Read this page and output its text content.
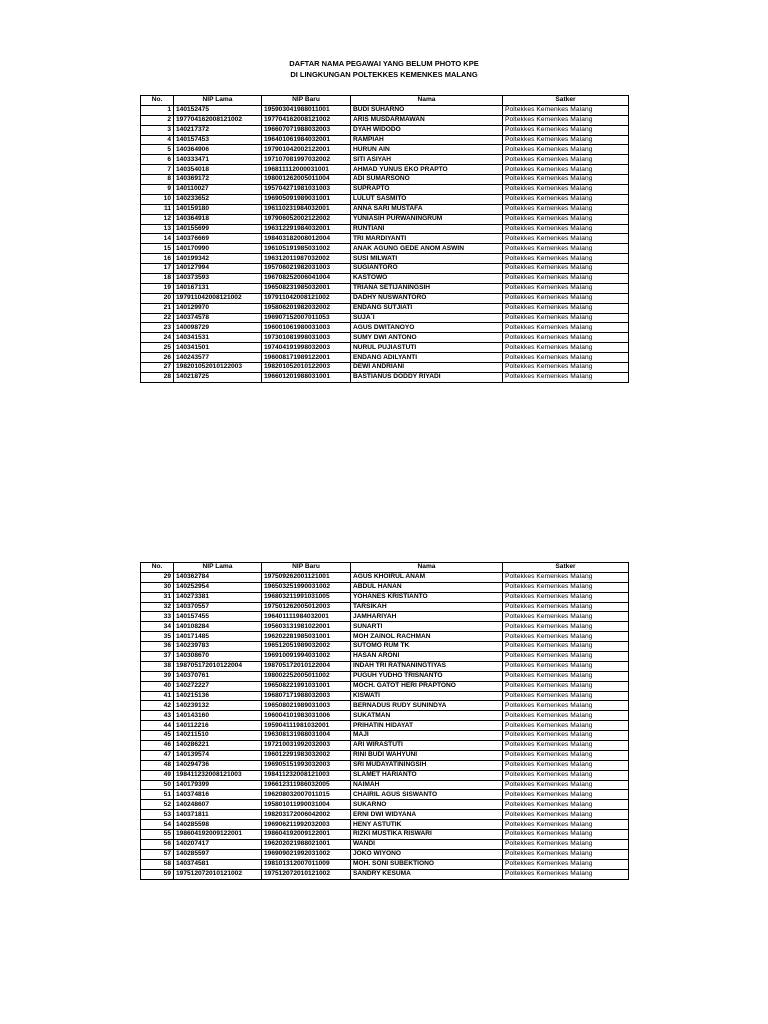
DAFTAR NAMA PEGAWAI YANG BELUM PHOTO KPE
DI LINGKUNGAN POLTEKKES KEMENKES MALANG
No.	NIP Lama	NIP Baru	Nama	Satker
1	140152475	195903041988011001	BUDI SUHARNO	Poltekkes Kemenkes Malang
2	197704162008121002	197704162008121002	ARIS MUSDARMAWAN	Poltekkes Kemenkes Malang
3	140217372	196607071988032003	DYAH WIDODO	Poltekkes Kemenkes Malang
4	140157453	196401061984032001	RAMPIAH	Poltekkes Kemenkes Malang
5	140364906	197901042002122001	HURUN AIN	Poltekkes Kemenkes Malang
6	140333471	197107081997032002	SITI ASIYAH	Poltekkes Kemenkes Malang
7	140354018	196811112000031001	AHMAD YUNUS EKO PRAPTO	Poltekkes Kemenkes Malang
8	140369172	198001262005011004	ADI SUMARSONO	Poltekkes Kemenkes Malang
9	140110027	195704271981031003	SUPRAPTO	Poltekkes Kemenkes Malang
10	140233652	196905091989031001	LULUT SASMITO	Poltekkes Kemenkes Malang
11	140159180	196110231984032001	ANNA SARI MUSTAFA	Poltekkes Kemenkes Malang
12	140364918	197906052002122002	YUNIASIH PURWANINGRUM	Poltekkes Kemenkes Malang
13	140155699	196312291984032001	RUNTIANI	Poltekkes Kemenkes Malang
14	140376669	198403182008012004	TRI MARDIYANTI	Poltekkes Kemenkes Malang
15	140170990	196105191985031002	ANAK AGUNG GEDE ANOM ASWIN	Poltekkes Kemenkes Malang
16	140199342	196312011987032002	SUSI MILWATI	Poltekkes Kemenkes Malang
17	140127994	195706021982031003	SUGIANTORO	Poltekkes Kemenkes Malang
18	140373593	196708252006041004	KASTOWO	Poltekkes Kemenkes Malang
19	140167131	196508231985032001	TRIANA SETIJANINGSIH	Poltekkes Kemenkes Malang
20	197911042008121002	197911042008121002	DADHY NUSWANTORO	Poltekkes Kemenkes Malang
21	140129970	195806201982032002	ENDANG SUTJIATI	Poltekkes Kemenkes Malang
22	140374578	196907152007011053	SUJA`I	Poltekkes Kemenkes Malang
23	140098729	196001061980031003	AGUS DWITANOYO	Poltekkes Kemenkes Malang
24	140341531	197301081998031003	SUMY DWI ANTONO	Poltekkes Kemenkes Malang
25	140341501	197404191998032003	NURUL PUJIASTUTI	Poltekkes Kemenkes Malang
26	140243577	196008171989122001	ENDANG ADILYANTI	Poltekkes Kemenkes Malang
27	198201052010122003	198201052010122003	DEWI ANDRIANI	Poltekkes Kemenkes Malang
28	140218725	196601201988031001	BASTIANUS DODDY RIYADI	Poltekkes Kemenkes Malang
No.	NIP Lama	NIP Baru	Nama	Satker
29	140362784	197509262001121001	AGUS KHOIRUL ANAM	Poltekkes Kemenkes Malang
30	140252954	196503251990031002	ABDUL HANAN	Poltekkes Kemenkes Malang
31	140273381	196803211991031005	YOHANES KRISTIANTO	Poltekkes Kemenkes Malang
32	140370557	197501262005012003	TARSIKAH	Poltekkes Kemenkes Malang
33	140157455	196401111984032001	JAMHARIYAH	Poltekkes Kemenkes Malang
34	140108284	195603131981022001	SUNARTI	Poltekkes Kemenkes Malang
35	140171485	196202281985031001	MOH ZAINOL RACHMAN	Poltekkes Kemenkes Malang
36	140239783	196512051989032002	SUTOMO RUM TK	Poltekkes Kemenkes Malang
37	140308670	196910091994031002	HASAN ARONI	Poltekkes Kemenkes Malang
38	198705172010122004	198705172010122004	INDAH TRI RATNANINGTIYAS	Poltekkes Kemenkes Malang
39	140370761	198002252005011002	PUGUH YUDHO TRISNANTO	Poltekkes Kemenkes Malang
40	140272227	196508221991031001	MOCH. GATOT HERI PRAPTONO	Poltekkes Kemenkes Malang
41	140215136	196807171988032003	KISWATI	Poltekkes Kemenkes Malang
42	140239132	196508021989031003	BERNADUS RUDY SUNINDYA	Poltekkes Kemenkes Malang
43	140143160	196004101983031006	SUKATMAN	Poltekkes Kemenkes Malang
44	140112216	195904111981032001	PRIHATIN HIDAYAT	Poltekkes Kemenkes Malang
45	140211510	196308131988031004	MAJI	Poltekkes Kemenkes Malang
46	140286221	197210031992032003	ARI WIRASTUTI	Poltekkes Kemenkes Malang
47	140139574	196012291983032002	RINI BUDI WAHYUNI	Poltekkes Kemenkes Malang
48	140294736	196905151993032003	SRI MUDAYATININGSIH	Poltekkes Kemenkes Malang
49	198411232008121003	198411232008121003	SLAMET HARIANTO	Poltekkes Kemenkes Malang
50	140179399	196612311986032005	NAIMAH	Poltekkes Kemenkes Malang
51	140374816	196208032007011015	CHAIRIL AGUS SISWANTO	Poltekkes Kemenkes Malang
52	140248607	195801011990031004	SUKARNO	Poltekkes Kemenkes Malang
53	140371811	198203172006042002	ERNI DWI WIDYANA	Poltekkes Kemenkes Malang
54	140285598	196906211992032003	HENY ASTUTIK	Poltekkes Kemenkes Malang
55	198604192009122001	198604192009122001	RIZKI MUSTIKA RISWARI	Poltekkes Kemenkes Malang
56	140207417	196202021988021001	WANDI	Poltekkes Kemenkes Malang
57	140285597	196909021992031002	JOKO WIYONO	Poltekkes Kemenkes Malang
58	140374581	198101312007011009	MOH. SONI SUBEKTIONO	Poltekkes Kemenkes Malang
59	197512072010121002	197512072010121002	SANDRY KESUMA	Poltekkes Kemenkes Malang
